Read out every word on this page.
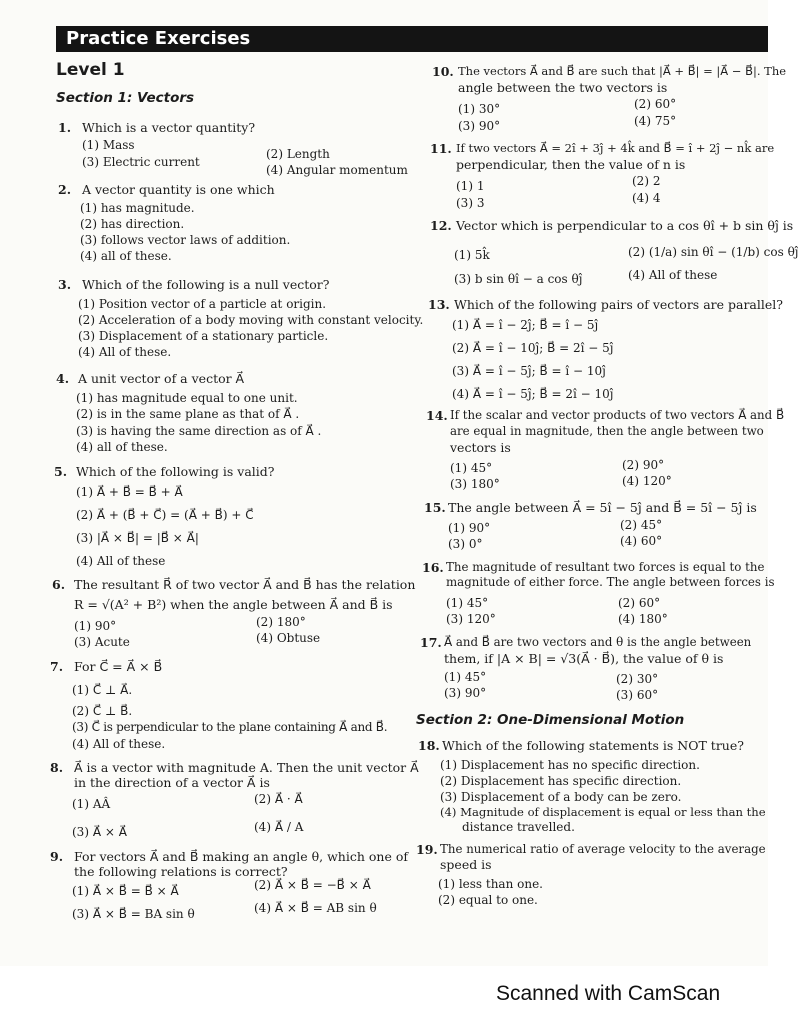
Practice Exercises
Level 1
Section 1: Vectors
1. Which is a vector quantity?
(1) Mass
(2) Length
(3) Electric current
(4) Angular momentum
2. A vector quantity is one which
(1) has magnitude.
(2) has direction.
(3) follows vector laws of addition.
(4) all of these.
3. Which of the following is a null vector?
(1) Position vector of a particle at origin.
(2) Acceleration of a body moving with constant velocity.
(3) Displacement of a stationary particle.
(4) All of these.
4. A unit vector of a vector A⃗
(1) has magnitude equal to one unit.
(2) is in the same plane as that of A⃗ .
(3) is having the same direction as of A⃗ .
(4) all of these.
5. Which of the following is valid?
(1) A⃗ + B⃗ = B⃗ + A⃗
(2) A⃗ + (B⃗ + C⃗) = (A⃗ + B⃗) + C⃗
(3) |A⃗ × B⃗| = |B⃗ × A⃗|
(4) All of these
6. The resultant R⃗ of two vector A⃗ and B⃗ has the relation
R = √(A² + B²) when the angle between A⃗ and B⃗ is
(1) 90°	(2) 180°
(3) Acute	(4) Obtuse
7. For C⃗ = A⃗ × B⃗
(1) C⃗ ⊥ A⃗.
(2) C⃗ ⊥ B⃗.
(3) C⃗ is perpendicular to the plane containing A⃗ and B⃗.
(4) All of these.
8. A⃗ is a vector with magnitude A. Then the unit vector A⃗
in the direction of a vector A⃗ is
(1) AÂ	(2) A⃗ · A⃗
(3) A⃗ × A⃗	(4) A⃗ / A
9. For vectors A⃗ and B⃗ making an angle θ, which one of
the following relations is correct?
(1) A⃗ × B⃗ = B⃗ × A⃗	(2) A⃗ × B⃗ = −B⃗ × A⃗
(3) A⃗ × B⃗ = BA sin θ	(4) A⃗ × B⃗ = AB sin θ
10. The vectors A⃗ and B⃗ are such that |A⃗ + B⃗| = |A⃗ − B⃗|. The
angle between the two vectors is
(1) 30°	(2) 60°
(3) 90°	(4) 75°
11. If two vectors A⃗ = 2î + 3ĵ + 4k̂ and B⃗ = î + 2ĵ − nk̂ are
perpendicular, then the value of n is
(1) 1	(2) 2
(3) 3	(4) 4
12. Vector which is perpendicular to a cos θî + b sin θĵ is
(1) 5k̂	(2) (1/a) sin θî − (1/b) cos θĵ
(3) b sin θî − a cos θĵ	(4) All of these
13. Which of the following pairs of vectors are parallel?
(1) A⃗ = î − 2ĵ; B⃗ = î − 5ĵ
(2) A⃗ = î − 10ĵ; B⃗ = 2î − 5ĵ
(3) A⃗ = î − 5ĵ; B⃗ = î − 10ĵ
(4) A⃗ = î − 5ĵ; B⃗ = 2î − 10ĵ
14. If the scalar and vector products of two vectors A⃗ and B⃗
are equal in magnitude, then the angle between two
vectors is
(1) 45°	(2) 90°
(3) 180°	(4) 120°
15. The angle between A⃗ = 5î − 5ĵ and B⃗ = 5î − 5ĵ is
(1) 90°	(2) 45°
(3) 0°	(4) 60°
16. The magnitude of resultant two forces is equal to the
magnitude of either force. The angle between forces is
(1) 45°	(2) 60°
(3) 120°	(4) 180°
17. A⃗ and B⃗ are two vectors and θ is the angle between
them, if |A × B| = √3(A⃗ · B⃗), the value of θ is
(1) 45°	(2) 30°
(3) 90°	(3) 60°
Section 2: One-Dimensional Motion
18. Which of the following statements is NOT true?
(1) Displacement has no specific direction.
(2) Displacement has specific direction.
(3) Displacement of a body can be zero.
(4) Magnitude of displacement is equal or less than the
distance travelled.
19. The numerical ratio of average velocity to the average
speed is
(1) less than one.
(2) equal to one.
Scanned with CamScan
